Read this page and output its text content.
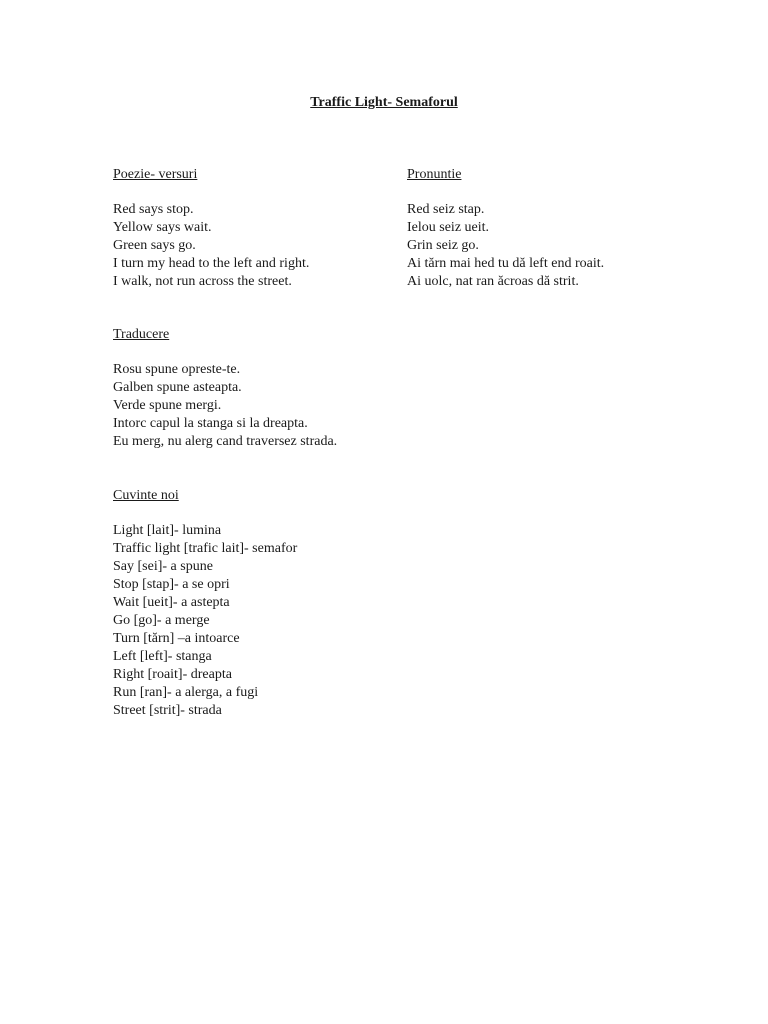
Traffic Light- Semaforul
Poezie- versuri
Red says stop.
Yellow says wait.
Green says go.
I turn my head to the left and right.
I walk, not run across the street.
Pronuntie
Red seiz stap.
Ielou seiz ueit.
Grin seiz go.
Ai tărn mai hed tu dă left end roait.
Ai uolc, nat ran ăcroas dă strit.
Traducere
Rosu spune opreste-te.
Galben spune asteapta.
Verde spune mergi.
Intorc capul la stanga si la dreapta.
Eu merg, nu alerg cand traversez strada.
Cuvinte noi
Light [lait]- lumina
Traffic light [trafic lait]- semafor
Say [sei]- a spune
Stop [stap]- a se opri
Wait [ueit]- a astepta
Go [go]- a merge
Turn [tărn] –a intoarce
Left [left]- stanga
Right [roait]- dreapta
Run [ran]- a alerga, a fugi
Street [strit]- strada
